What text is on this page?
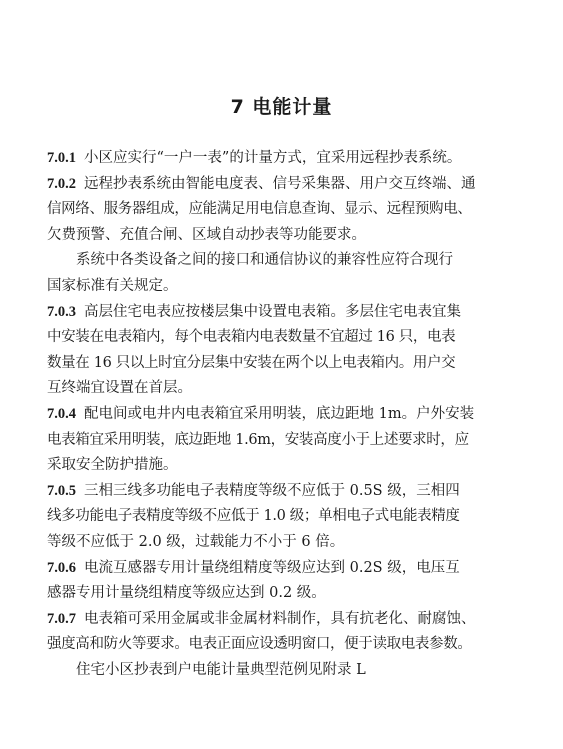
7 电能计量
7.0.1 小区应实行“一户一表”的计量方式，宜采用远程抄表系统。
7.0.2 远程抄表系统由智能电度表、信号采集器、用户交互终端、通
信网络、服务器组成，应能满足用电信息查询、显示、远程预购电、
欠费预警、充值合闸、区域自动抄表等功能要求。
系统中各类设备之间的接口和通信协议的兼容性应符合现行
国家标准有关规定。
7.0.3 高层住宅电表应按楼层集中设置电表箱。多层住宅电表宜集
中安装在电表箱内，每个电表箱内电表数量不宜超过 16 只，电表
数量在 16 只以上时宜分层集中安装在两个以上电表箱内。用户交
互终端宜设置在首层。
7.0.4 配电间或电井内电表箱宜采用明装，底边距地 1m。户外安装
电表箱宜采用明装，底边距地 1.6m，安装高度小于上述要求时，应
采取安全防护措施。
7.0.5 三相三线多功能电子表精度等级不应低于 0.5S 级，三相四
线多功能电子表精度等级不应低于 1.0 级；单相电子式电能表精度
等级不应低于 2.0 级，过载能力不小于 6 倍。
7.0.6 电流互感器专用计量绕组精度等级应达到 0.2S 级，电压互
感器专用计量绕组精度等级应达到 0.2 级。
7.0.7 电表箱可采用金属或非金属材料制作，具有抗老化、耐腐蚀、
强度高和防火等要求。电表正面应设透明窗口，便于读取电表参数。
住宅小区抄表到户电能计量典型范例见附录 L
